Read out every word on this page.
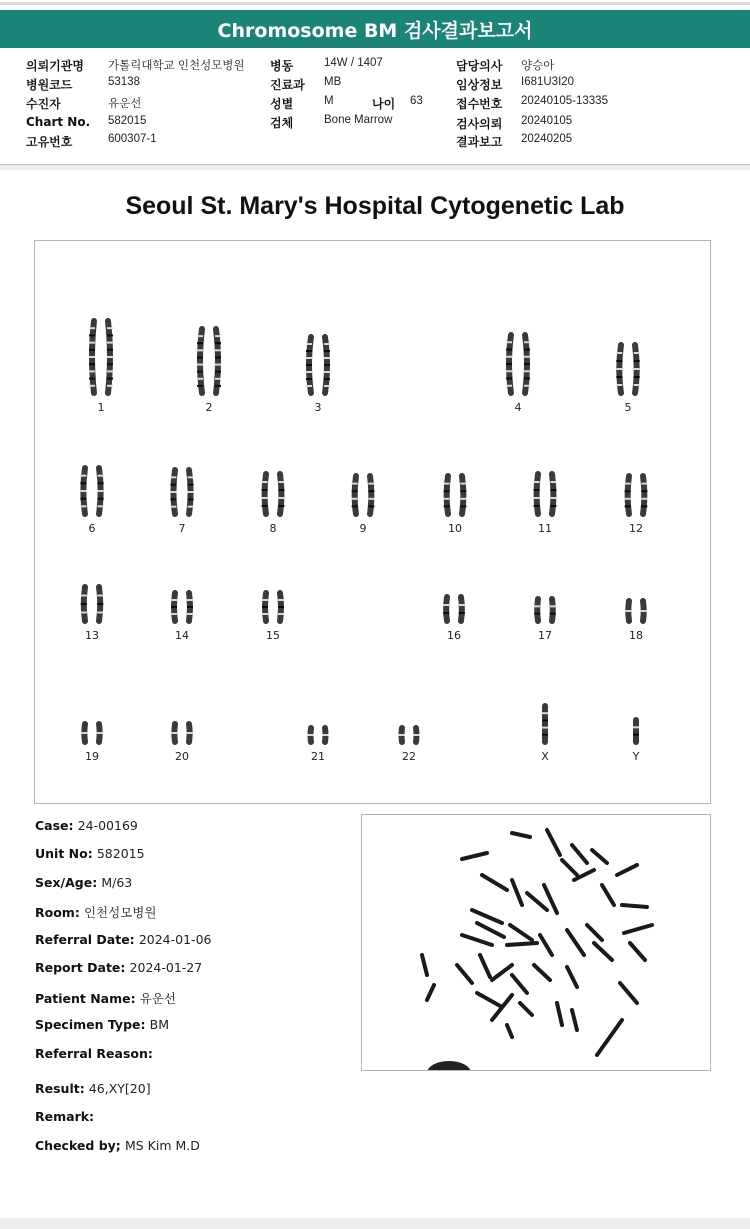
Chromosome BM 검사결과보고서
의뢰기관명 가톨릭대학교 인천성모병원
병원코드	53138
수진자	유운선
Chart No. 582015
고유번호	600307-1
병동	14W / 1407
진료과 MB
성별	M	나이 63
검체	Bone Marrow
담당의사 양승아
임상정보 I681U3I20
접수번호 20240105-13335
검사의뢰 20240105
결과보고 20240205
Seoul St. Mary's Hospital Cytogenetic Lab
1	2	3	4	5
6	7	8	9	10	11	12
13	14	15	16	17	18
19	20	21	22	X	Y
Case: 24-00169
Unit No: 582015
Sex/Age: M/63
Room: 인천성모병원
Referral Date: 2024-01-06
Report Date: 2024-01-27
Patient Name: 유운선
Specimen Type: BM
Referral Reason:
Result: 46,XY[20]
Remark:
Checked by; MS Kim M.D
